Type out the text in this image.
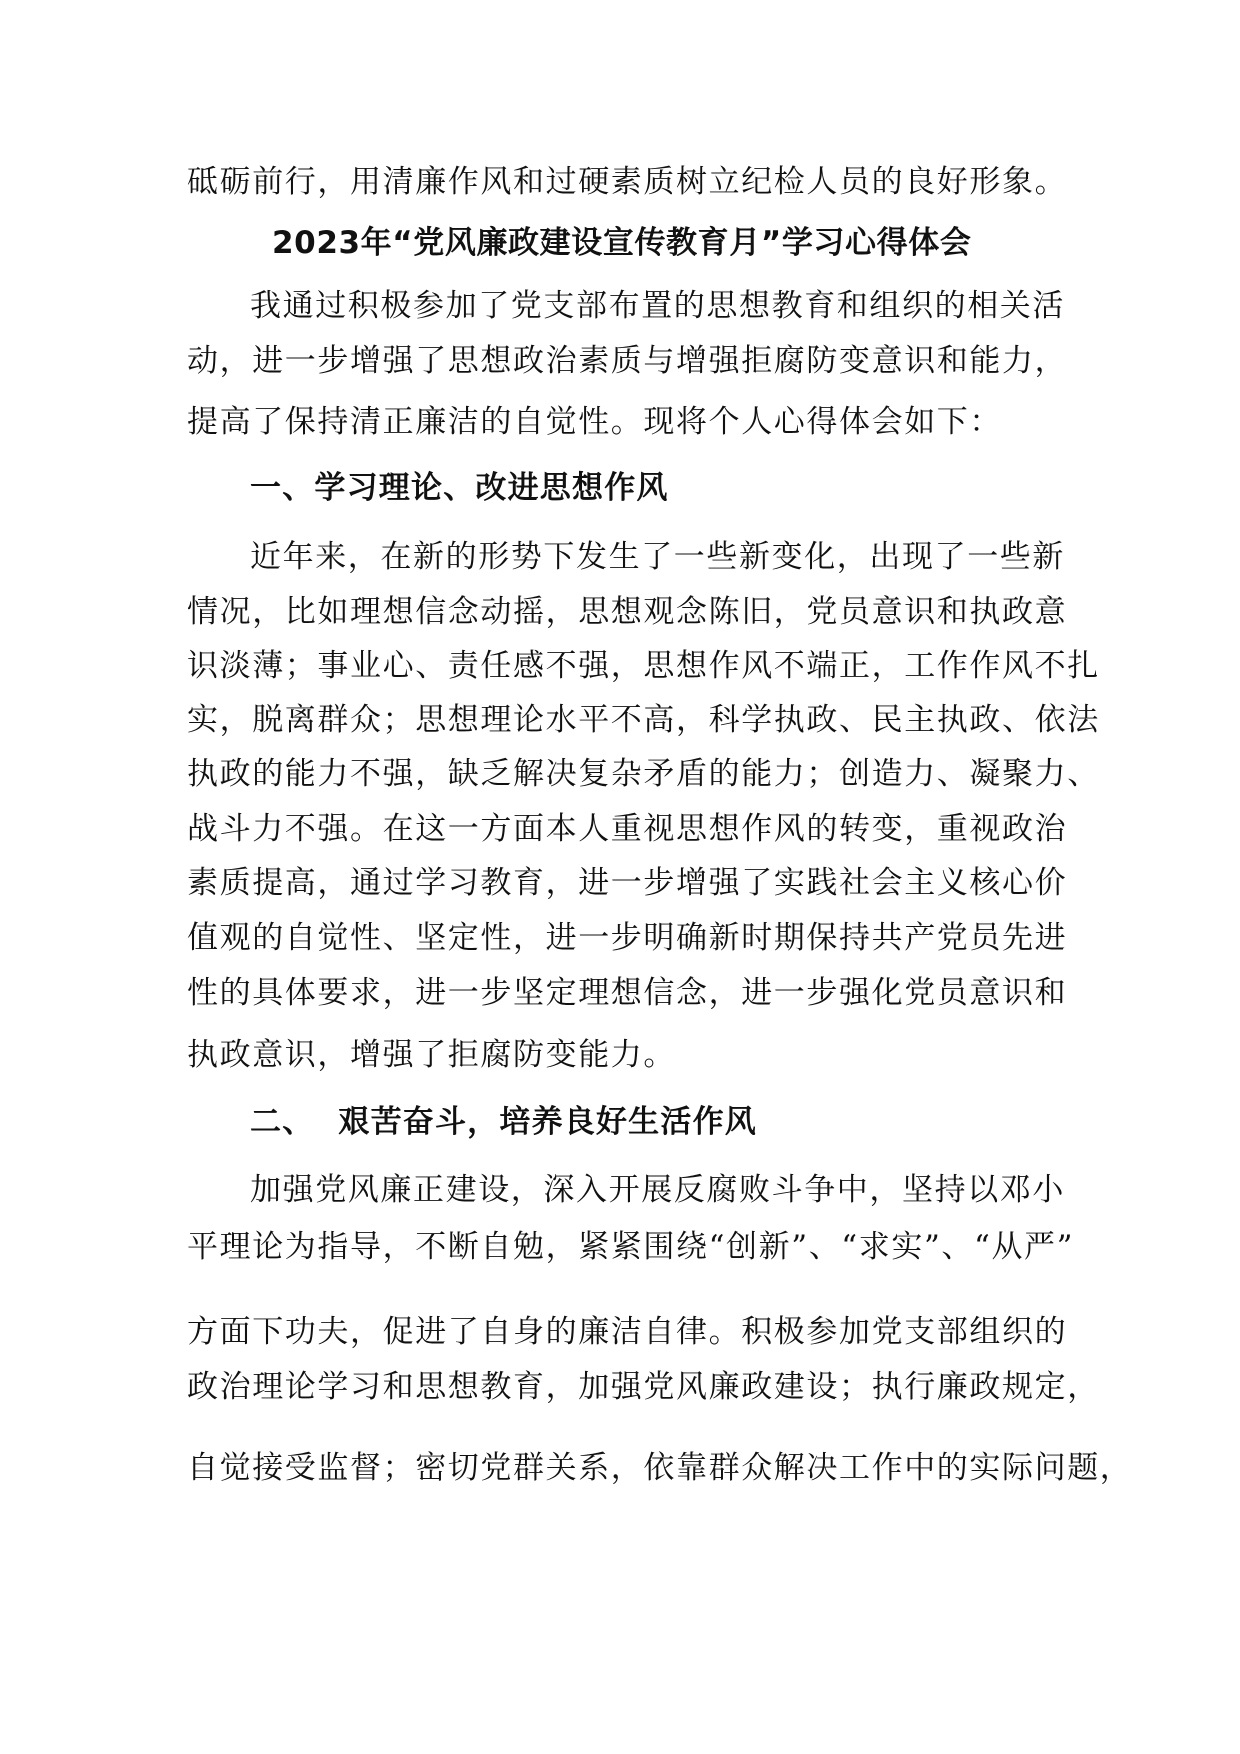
砥砺前行，用清廉作风和过硬素质树立纪检人员的良好形象。
2023年“党风廉政建设宣传教育月”学习心得体会
我通过积极参加了党支部布置的思想教育和组织的相关活
动，进一步增强了思想政治素质与增强拒腐防变意识和能力，
提高了保持清正廉洁的自觉性。现将个人心得体会如下：
一、学习理论、改进思想作风
近年来，在新的形势下发生了一些新变化，出现了一些新
情况，比如理想信念动摇，思想观念陈旧，党员意识和执政意
识淡薄；事业心、责任感不强，思想作风不端正，工作作风不扎
实，脱离群众；思想理论水平不高，科学执政、民主执政、依法
执政的能力不强，缺乏解决复杂矛盾的能力；创造力、凝聚力、
战斗力不强。在这一方面本人重视思想作风的转变，重视政治
素质提高，通过学习教育，进一步增强了实践社会主义核心价
值观的自觉性、坚定性，进一步明确新时期保持共产党员先进
性的具体要求，进一步坚定理想信念，进一步强化党员意识和
执政意识，增强了拒腐防变能力。
二、  艰苦奋斗，培养良好生活作风
加强党风廉正建设，深入开展反腐败斗争中，坚持以邓小
平理论为指导，不断自勉，紧紧围绕“创新”、“求实”、“从严”
方面下功夫，促进了自身的廉洁自律。积极参加党支部组织的
政治理论学习和思想教育，加强党风廉政建设；执行廉政规定，
自觉接受监督；密切党群关系，依靠群众解决工作中的实际问题，
